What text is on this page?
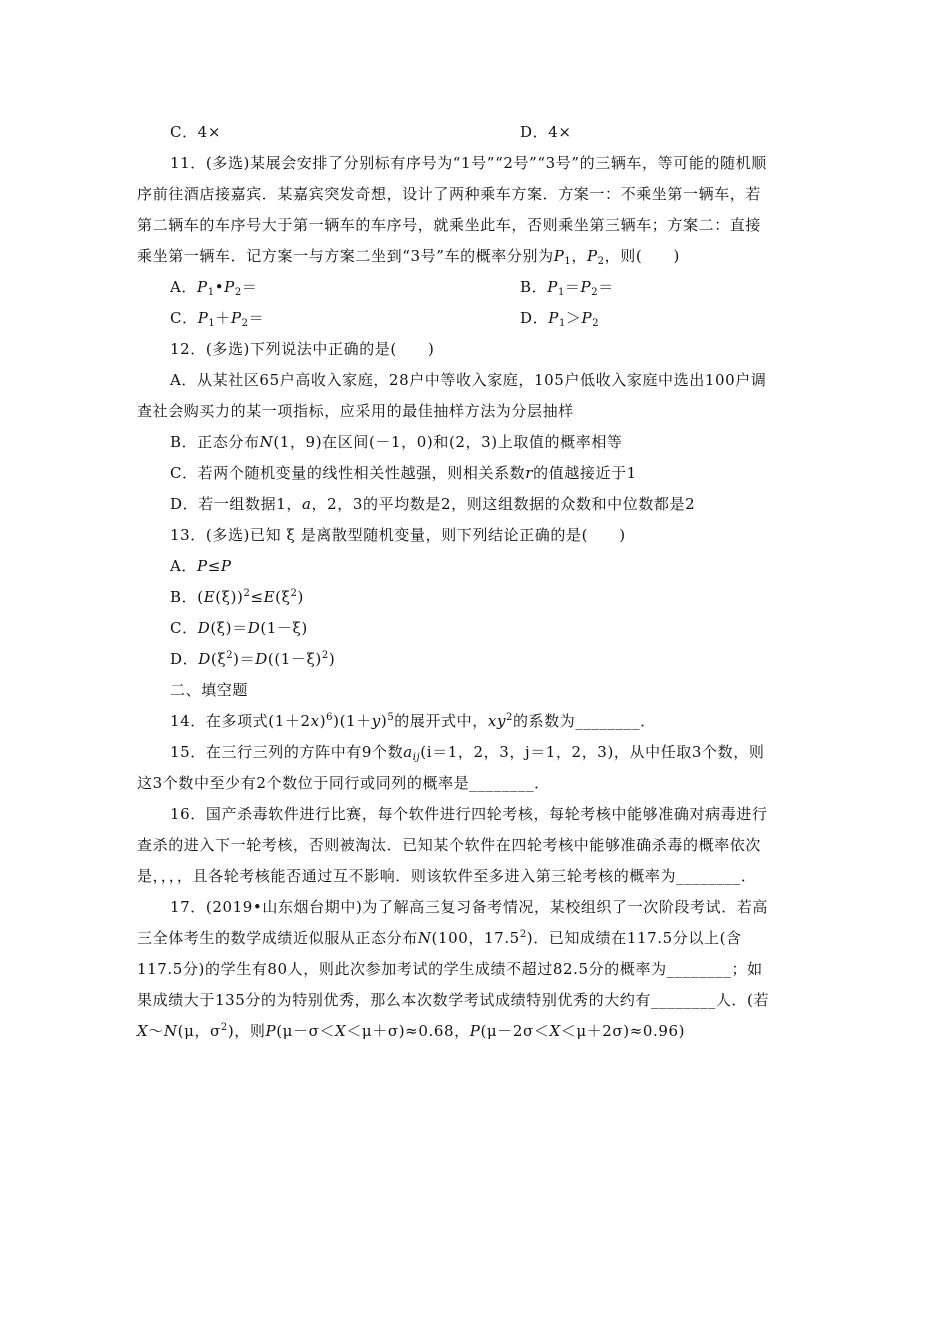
C．4×	D．4×
11．(多选)某展会安排了分别标有序号为“1号”“2号”“3号”的三辆车，等可能的随机顺
序前往酒店接嘉宾．某嘉宾突发奇想，设计了两种乘车方案．方案一：不乘坐第一辆车，若
第二辆车的车序号大于第一辆车的车序号，就乘坐此车，否则乘坐第三辆车；方案二：直接
乘坐第一辆车．记方案一与方案二坐到“3号”车的概率分别为$P_1$，$P_2$，则(　　)
A．$P_1•P_2=$	B．$P_1=P_2=$
C．$P_1+P_2=$	D．$P_1>P_2$
12．(多选)下列说法中正确的是(　　)
A．从某社区65户高收入家庭，28户中等收入家庭，105户低收入家庭中选出100户调
查社会购买力的某一项指标，应采用的最佳抽样方法为分层抽样
B．正态分布N(1，9)在区间(－1，0)和(2，3)上取值的概率相等
C．若两个随机变量的线性相关性越强，则相关系数r的值越接近于1
D．若一组数据1，a，2，3的平均数是2，则这组数据的众数和中位数都是2
13．(多选)已知 ξ 是离散型随机变量，则下列结论正确的是(　　)
A．P≤P
B．$(E(\xi))^2\le E(\xi^2)$
C．D(ξ)＝D(1－ξ)
D．$D(\xi^2)=D((1-\xi)^2)$
二、填空题
14．在多项式$(1+2x)^6)(1+y)^5$的展开式中，$xy^2$的系数为________．
15．在三行三列的方阵中有9个数$a_{ij}(i=1$，2，3，j＝1，2，3)，从中任取3个数，则
这3个数中至少有2个数位于同行或同列的概率是________．
16．国产杀毒软件进行比赛，每个软件进行四轮考核，每轮考核中能够准确对病毒进行
查杀的进入下一轮考核，否则被淘汰．已知某个软件在四轮考核中能够准确杀毒的概率依次
是，，，，且各轮考核能否通过互不影响．则该软件至多进入第三轮考核的概率为________．
17．(2019•山东烟台期中)为了解高三复习备考情况，某校组织了一次阶段考试．若高
三全体考生的数学成绩近似服从正态分布N(100，17.5$^2$)．已知成绩在117.5分以上(含
117.5分)的学生有80人，则此次参加考试的学生成绩不超过82.5分的概率为________；如
果成绩大于135分的为特别优秀，那么本次数学考试成绩特别优秀的大约有________人．(若
X～N(μ，$\sigma^2$)，则P(μ－σ＜X＜μ＋σ)≈0.68，P(μ－2σ＜X＜μ＋2σ)≈0.96)
